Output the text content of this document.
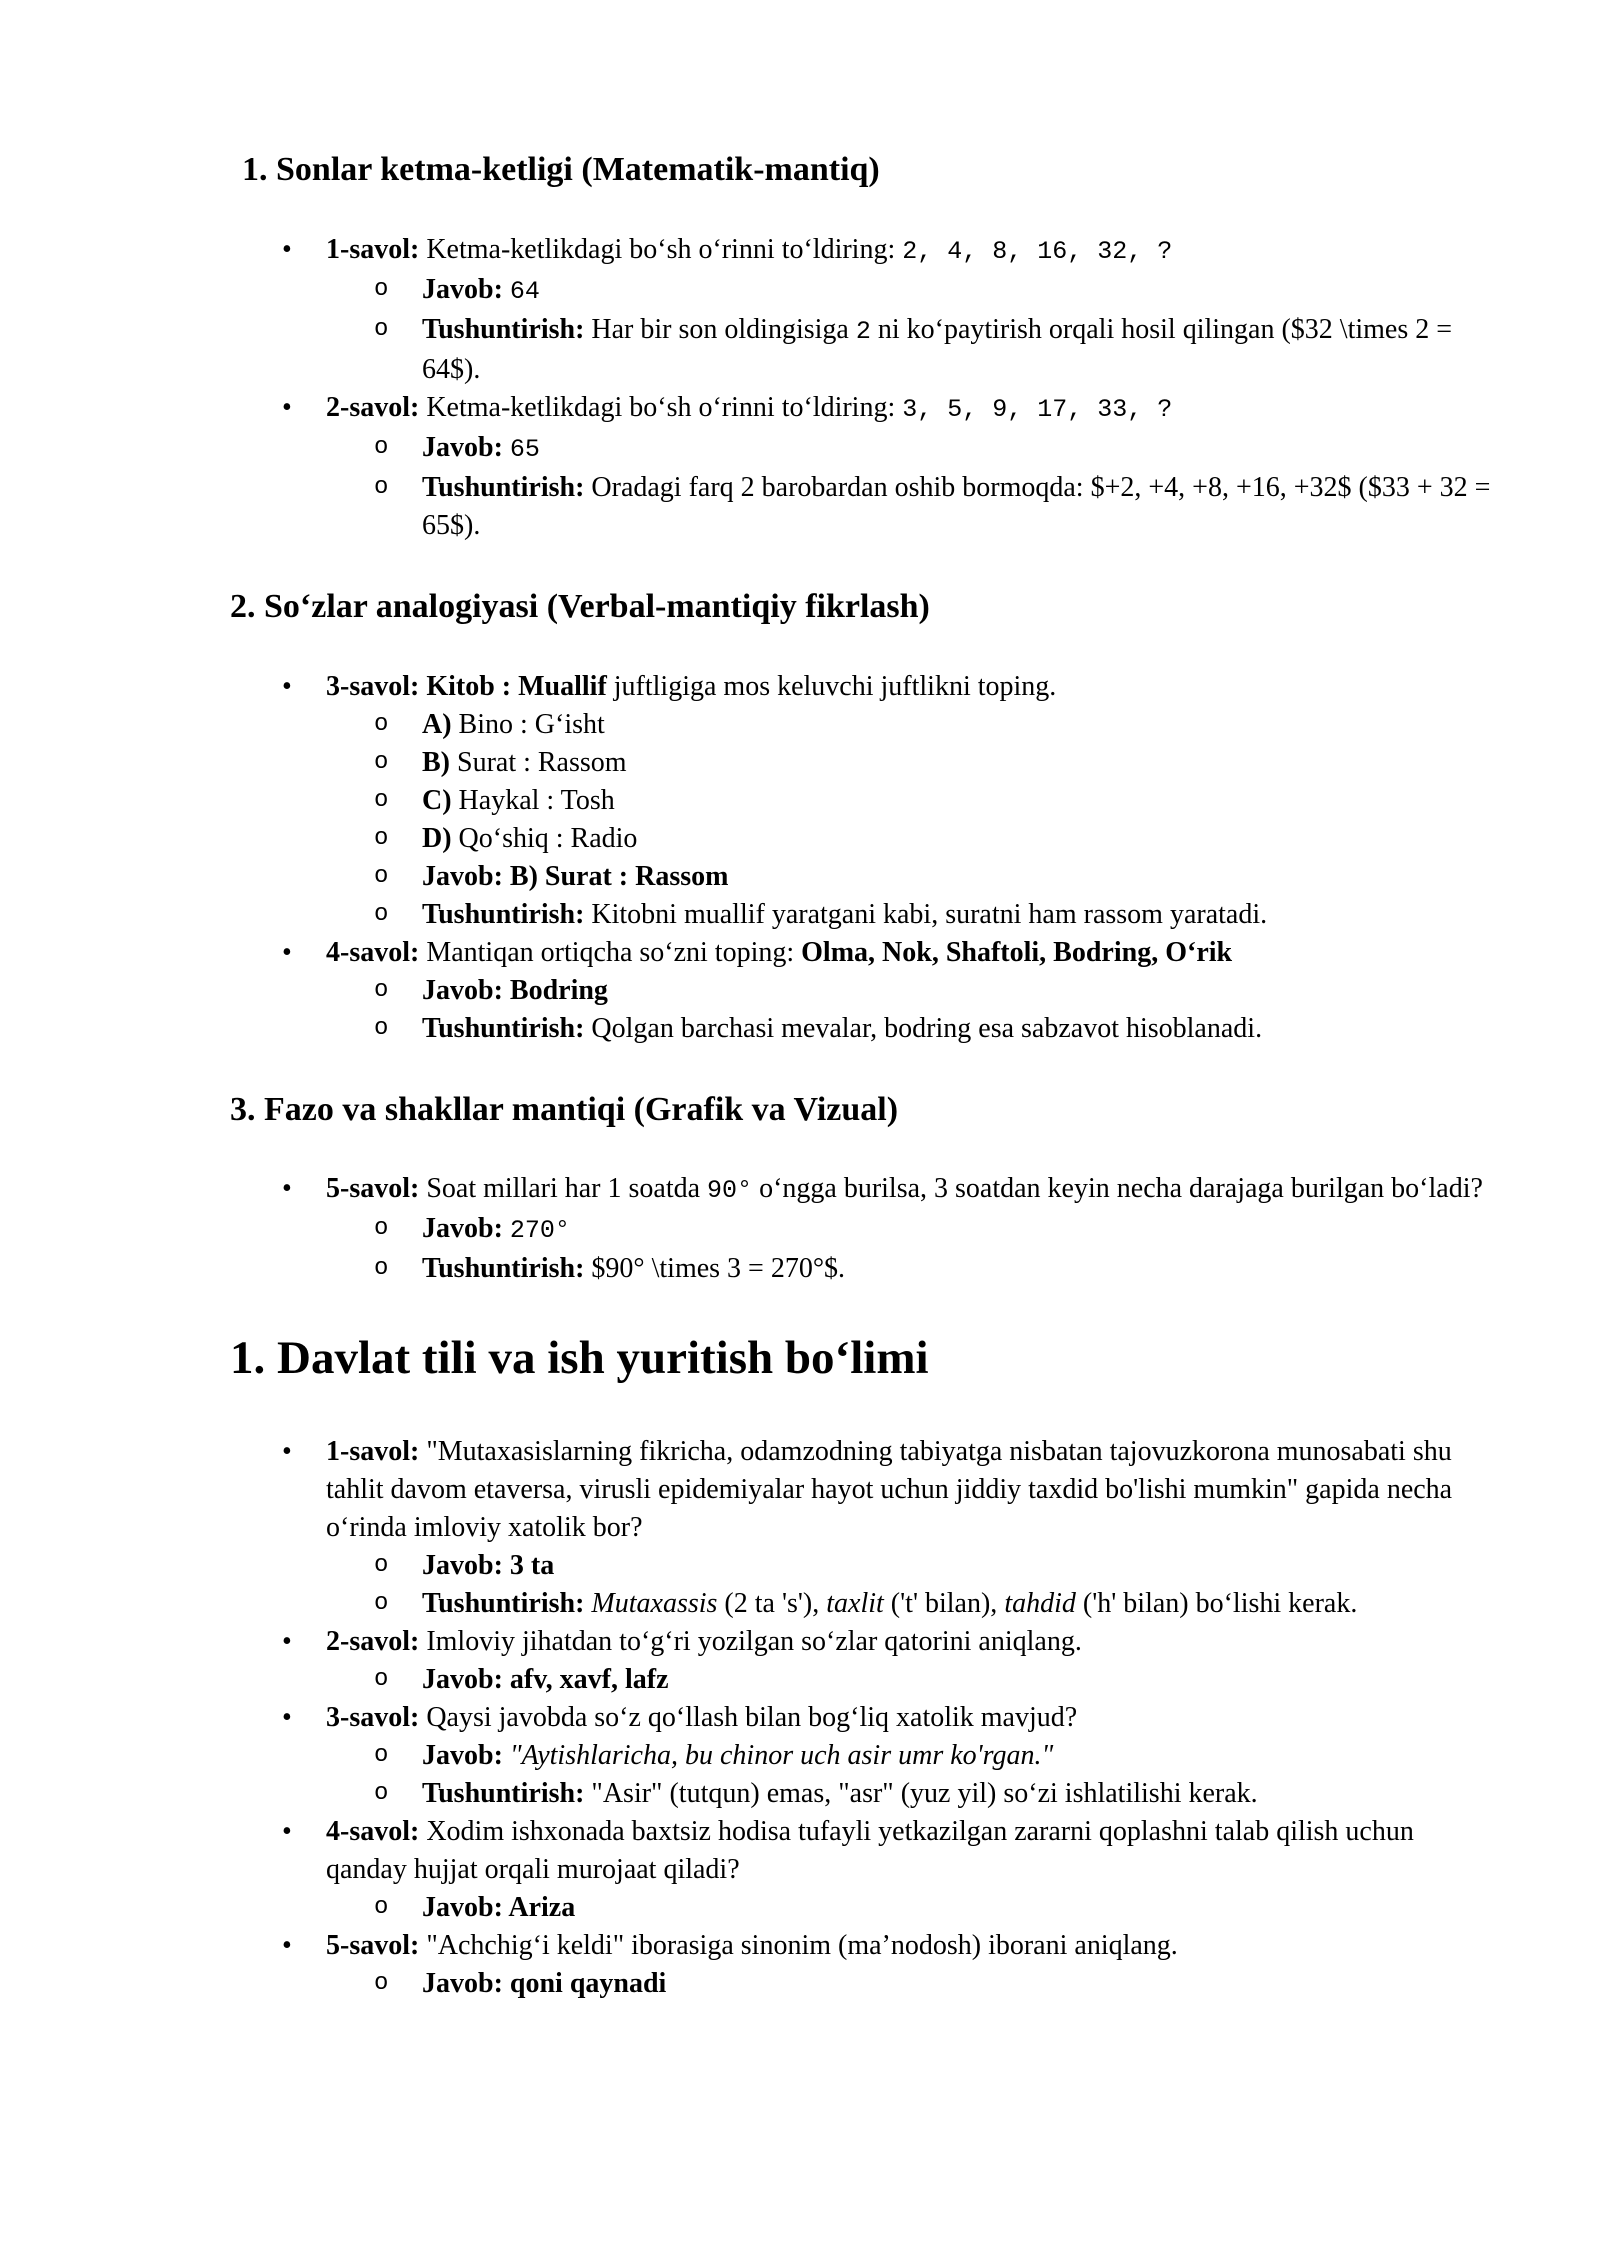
1. Sonlar ketma-ketligi (Matematik-mantiq)
• 1-savol: Ketma-ketlikdagi bo‘sh o‘rinni to‘ldiring: 2, 4, 8, 16, 32, ?
o Javob: 64
o Tushuntirish: Har bir son oldingisiga 2 ni ko‘paytirish orqali hosil qilingan ($32 \times 2 = 64$).
• 2-savol: Ketma-ketlikdagi bo‘sh o‘rinni to‘ldiring: 3, 5, 9, 17, 33, ?
o Javob: 65
o Tushuntirish: Oradagi farq 2 barobardan oshib bormoqda: $+2, +4, +8, +16, +32$ ($33 + 32 = 65$).
2. So‘zlar analogiyasi (Verbal-mantiqiy fikrlash)
• 3-savol: Kitob : Muallif juftligiga mos keluvchi juftlikni toping.
o A) Bino : G‘isht
o B) Surat : Rassom
o C) Haykal : Tosh
o D) Qo‘shiq : Radio
o Javob: B) Surat : Rassom
o Tushuntirish: Kitobni muallif yaratgani kabi, suratni ham rassom yaratadi.
• 4-savol: Mantiqan ortiqcha so‘zni toping: Olma, Nok, Shaftoli, Bodring, O‘rik
o Javob: Bodring
o Tushuntirish: Qolgan barchasi mevalar, bodring esa sabzavot hisoblanadi.
3. Fazo va shakllar mantiqi (Grafik va Vizual)
• 5-savol: Soat millari har 1 soatda 90° o‘ngga burilsa, 3 soatdan keyin necha darajaga burilgan bo‘ladi?
o Javob: 270°
o Tushuntirish: $90° \times 3 = 270°$.
1. Davlat tili va ish yuritish bo‘limi
• 1-savol: "Mutaxasislarning fikricha, odamzodning tabiyatga nisbatan tajovuzkorona munosabati shu tahlit davom etaversa, virusli epidemiyalar hayot uchun jiddiy taxdid bo'lishi mumkin" gapida necha o‘rinda imloviy xatolik bor?
o Javob: 3 ta
o Tushuntirish: Mutaxassis (2 ta 's'), taxlit ('t' bilan), tahdid ('h' bilan) bo‘lishi kerak.
• 2-savol: Imloviy jihatdan to‘g‘ri yozilgan so‘zlar qatorini aniqlang.
o Javob: afv, xavf, lafz
• 3-savol: Qaysi javobda so‘z qo‘llash bilan bog‘liq xatolik mavjud?
o Javob: "Aytishlaricha, bu chinor uch asir umr ko'rgan."
o Tushuntirish: "Asir" (tutqun) emas, "asr" (yuz yil) so‘zi ishlatilishi kerak.
• 4-savol: Xodim ishxonada baxtsiz hodisa tufayli yetkazilgan zararni qoplashni talab qilish uchun qanday hujjat orqali murojaat qiladi?
o Javob: Ariza
• 5-savol: "Achchig‘i keldi" iborasiga sinonim (ma’nodosh) iborani aniqlang.
o Javob: qoni qaynadi
